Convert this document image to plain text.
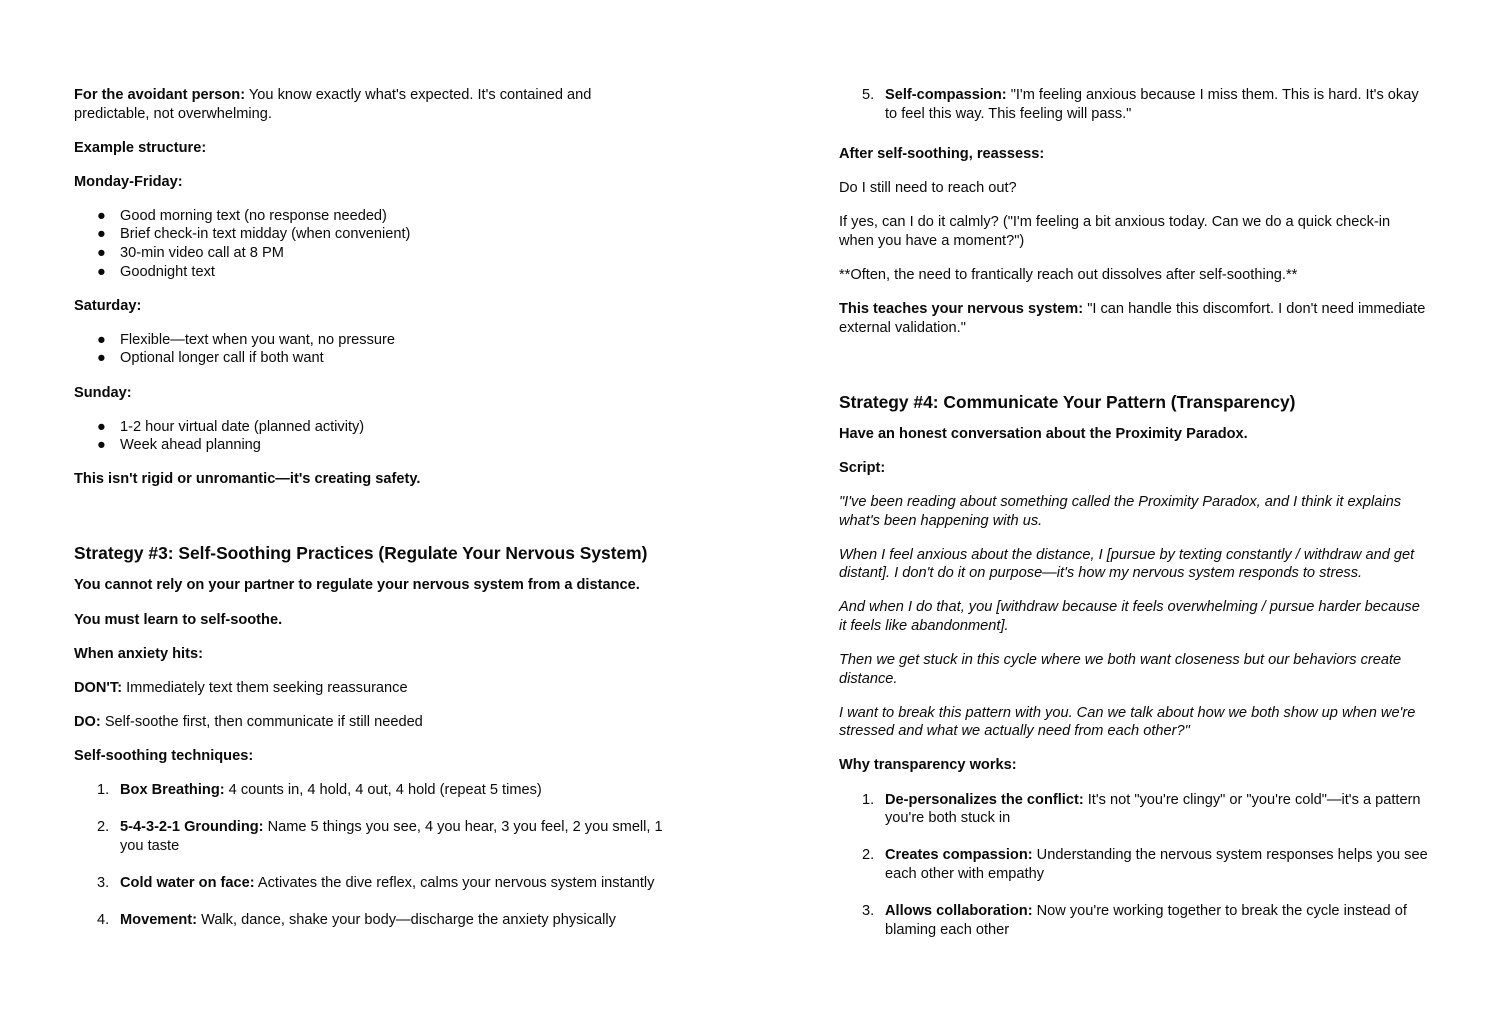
For the avoidant person: You know exactly what's expected. It's contained and predictable, not overwhelming.

Example structure:

Monday-Friday:

● Good morning text (no response needed)
● Brief check-in text midday (when convenient)
● 30-min video call at 8 PM
● Goodnight text

Saturday:

● Flexible—text when you want, no pressure
● Optional longer call if both want

Sunday:

● 1-2 hour virtual date (planned activity)
● Week ahead planning

This isn't rigid or unromantic—it's creating safety.

Strategy #3: Self-Soothing Practices (Regulate Your Nervous System)

You cannot rely on your partner to regulate your nervous system from a distance.

You must learn to self-soothe.

When anxiety hits:

DON'T: Immediately text them seeking reassurance

DO: Self-soothe first, then communicate if still needed

Self-soothing techniques:

1. Box Breathing: 4 counts in, 4 hold, 4 out, 4 hold (repeat 5 times)
2. 5-4-3-2-1 Grounding: Name 5 things you see, 4 you hear, 3 you feel, 2 you smell, 1 you taste
3. Cold water on face: Activates the dive reflex, calms your nervous system instantly
4. Movement: Walk, dance, shake your body—discharge the anxiety physically
5. Self-compassion: "I'm feeling anxious because I miss them. This is hard. It's okay to feel this way. This feeling will pass."

After self-soothing, reassess:

Do I still need to reach out?

If yes, can I do it calmly? ("I'm feeling a bit anxious today. Can we do a quick check-in when you have a moment?")

**Often, the need to frantically reach out dissolves after self-soothing.**

This teaches your nervous system: "I can handle this discomfort. I don't need immediate external validation."

Strategy #4: Communicate Your Pattern (Transparency)

Have an honest conversation about the Proximity Paradox.

Script:

"I've been reading about something called the Proximity Paradox, and I think it explains what's been happening with us.

When I feel anxious about the distance, I [pursue by texting constantly / withdraw and get distant]. I don't do it on purpose—it's how my nervous system responds to stress.

And when I do that, you [withdraw because it feels overwhelming / pursue harder because it feels like abandonment].

Then we get stuck in this cycle where we both want closeness but our behaviors create distance.

I want to break this pattern with you. Can we talk about how we both show up when we're stressed and what we actually need from each other?"

Why transparency works:

1. De-personalizes the conflict: It's not "you're clingy" or "you're cold"—it's a pattern you're both stuck in
2. Creates compassion: Understanding the nervous system responses helps you see each other with empathy
3. Allows collaboration: Now you're working together to break the cycle instead of blaming each other
